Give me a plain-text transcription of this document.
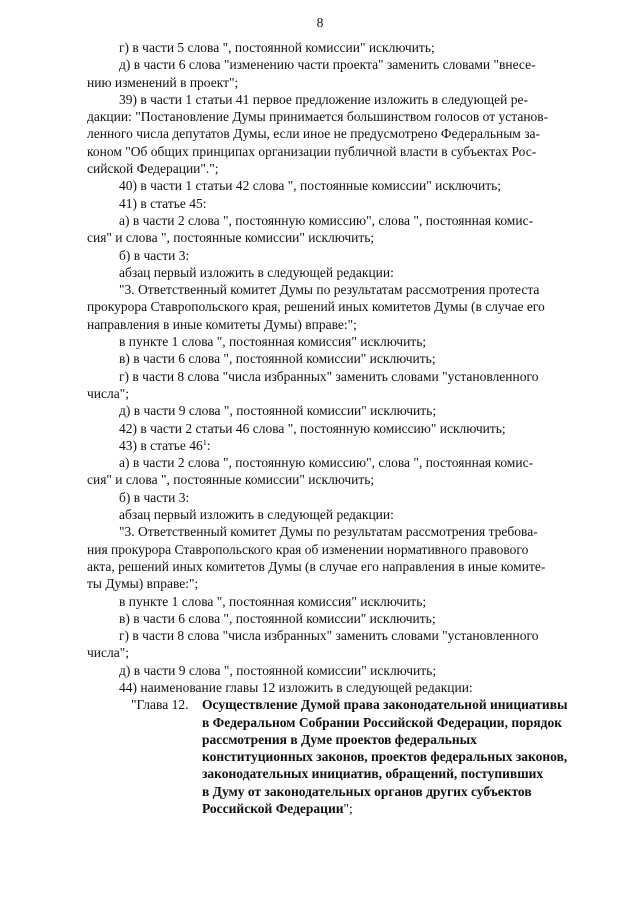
8

г) в части 5 слова ", постоянной комиссии" исключить;

д) в части 6 слова "изменению части проекта" заменить словами "внесе-

нию изменений в проект";

39) в части 1 статьи 41 первое предложение изложить в следующей ре-

дакции: "Постановление Думы принимается большинством голосов от установ-

ленного числа депутатов Думы, если иное не предусмотрено Федеральным за-

коном "Об общих принципах организации публичной власти в субъектах Рос-

сийской Федерации".";

40) в части 1 статьи 42 слова ", постоянные комиссии" исключить;

41) в статье 45:

а) в части 2 слова ", постоянную комиссию", слова ", постоянная комис-

сия" и слова ", постоянные комиссии" исключить;

б) в части 3:

абзац первый изложить в следующей редакции:

"3. Ответственный комитет Думы по результатам рассмотрения протеста

прокурора Ставропольского края, решений иных комитетов Думы (в случае его

направления в иные комитеты Думы) вправе:";

в пункте 1 слова ", постоянная комиссия" исключить;

в) в части 6 слова ", постоянной комиссии" исключить;

г) в части 8 слова "числа избранных" заменить словами "установленного

числа";

д) в части 9 слова ", постоянной комиссии" исключить;

42) в части 2 статьи 46 слова ", постоянную комиссию" исключить;

43) в статье $46^1$:

а) в части 2 слова ", постоянную комиссию", слова ", постоянная комис-

сия" и слова ", постоянные комиссии" исключить;

б) в части 3:

абзац первый изложить в следующей редакции:

"3. Ответственный комитет Думы по результатам рассмотрения требова-

ния прокурора Ставропольского края об изменении нормативного правового

акта, решений иных комитетов Думы (в случае его направления в иные комите-

ты Думы) вправе:";

в пункте 1 слова ", постоянная комиссия" исключить;

в) в части 6 слова ", постоянной комиссии" исключить;

г) в части 8 слова "числа избранных" заменить словами "установленного

числа";

д) в части 9 слова ", постоянной комиссии" исключить;

44) наименование главы 12 изложить в следующей редакции:

"Глава 12. Осуществление Думой права законодательной инициативы
в Федеральном Собрании Российской Федерации, порядок
рассмотрения в Думе проектов федеральных
конституционных законов, проектов федеральных законов,
законодательных инициатив, обращений, поступивших
в Думу от законодательных органов других субъектов
Российской Федерации";
